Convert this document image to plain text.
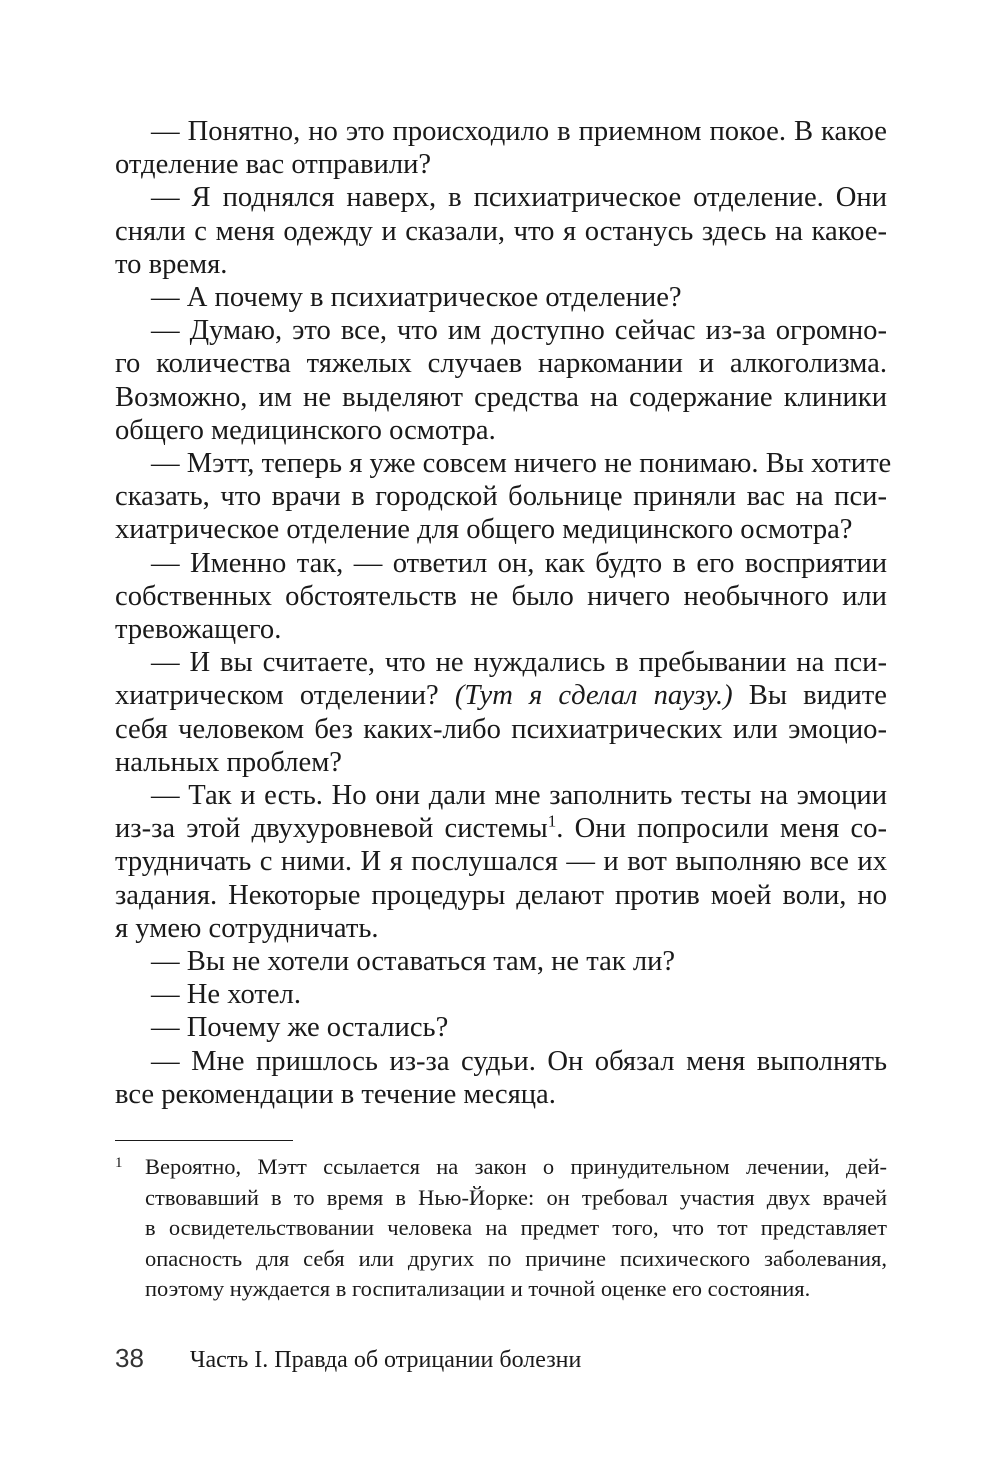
— Понятно, но это происходило в приемном покое. В какое
отделение вас отправили?
— Я поднялся наверх, в психиатрическое отделение. Они
сняли с меня одежду и сказали, что я останусь здесь на какое-
то время.
— А почему в психиатрическое отделение?
— Думаю, это все, что им доступно сейчас из-за огромно-
го количества тяжелых случаев наркомании и алкоголизма.
Возможно, им не выделяют средства на содержание клиники
общего медицинского осмотра.
— Мэтт, теперь я уже совсем ничего не понимаю. Вы хотите
сказать, что врачи в городской больнице приняли вас на пси-
хиатрическое отделение для общего медицинского осмотра?
— Именно так, — ответил он, как будто в его восприятии
собственных обстоятельств не было ничего необычного или
тревожащего.
— И вы считаете, что не нуждались в пребывании на пси-
хиатрическом отделении? (Тут я сделал паузу.) Вы видите
себя человеком без каких-либо психиатрических или эмоцио-
нальных проблем?
— Так и есть. Но они дали мне заполнить тесты на эмоции
из-за этой двухуровневой системы$^1$. Они попросили меня со-
трудничать с ними. И я послушался — и вот выполняю все их
задания. Некоторые процедуры делают против моей воли, но
я умею сотрудничать.
— Вы не хотели оставаться там, не так ли?
— Не хотел.
— Почему же остались?
— Мне пришлось из-за судьи. Он обязал меня выполнять
все рекомендации в течение месяца.
1 Вероятно, Мэтт ссылается на закон о принудительном лечении, дей-
ствовавший в то время в Нью-Йорке: он требовал участия двух врачей
в освидетельствовании человека на предмет того, что тот представляет
опасность для себя или других по причине психического заболевания,
поэтому нуждается в госпитализации и точной оценке его состояния.
38 Часть I. Правда об отрицании болезни
